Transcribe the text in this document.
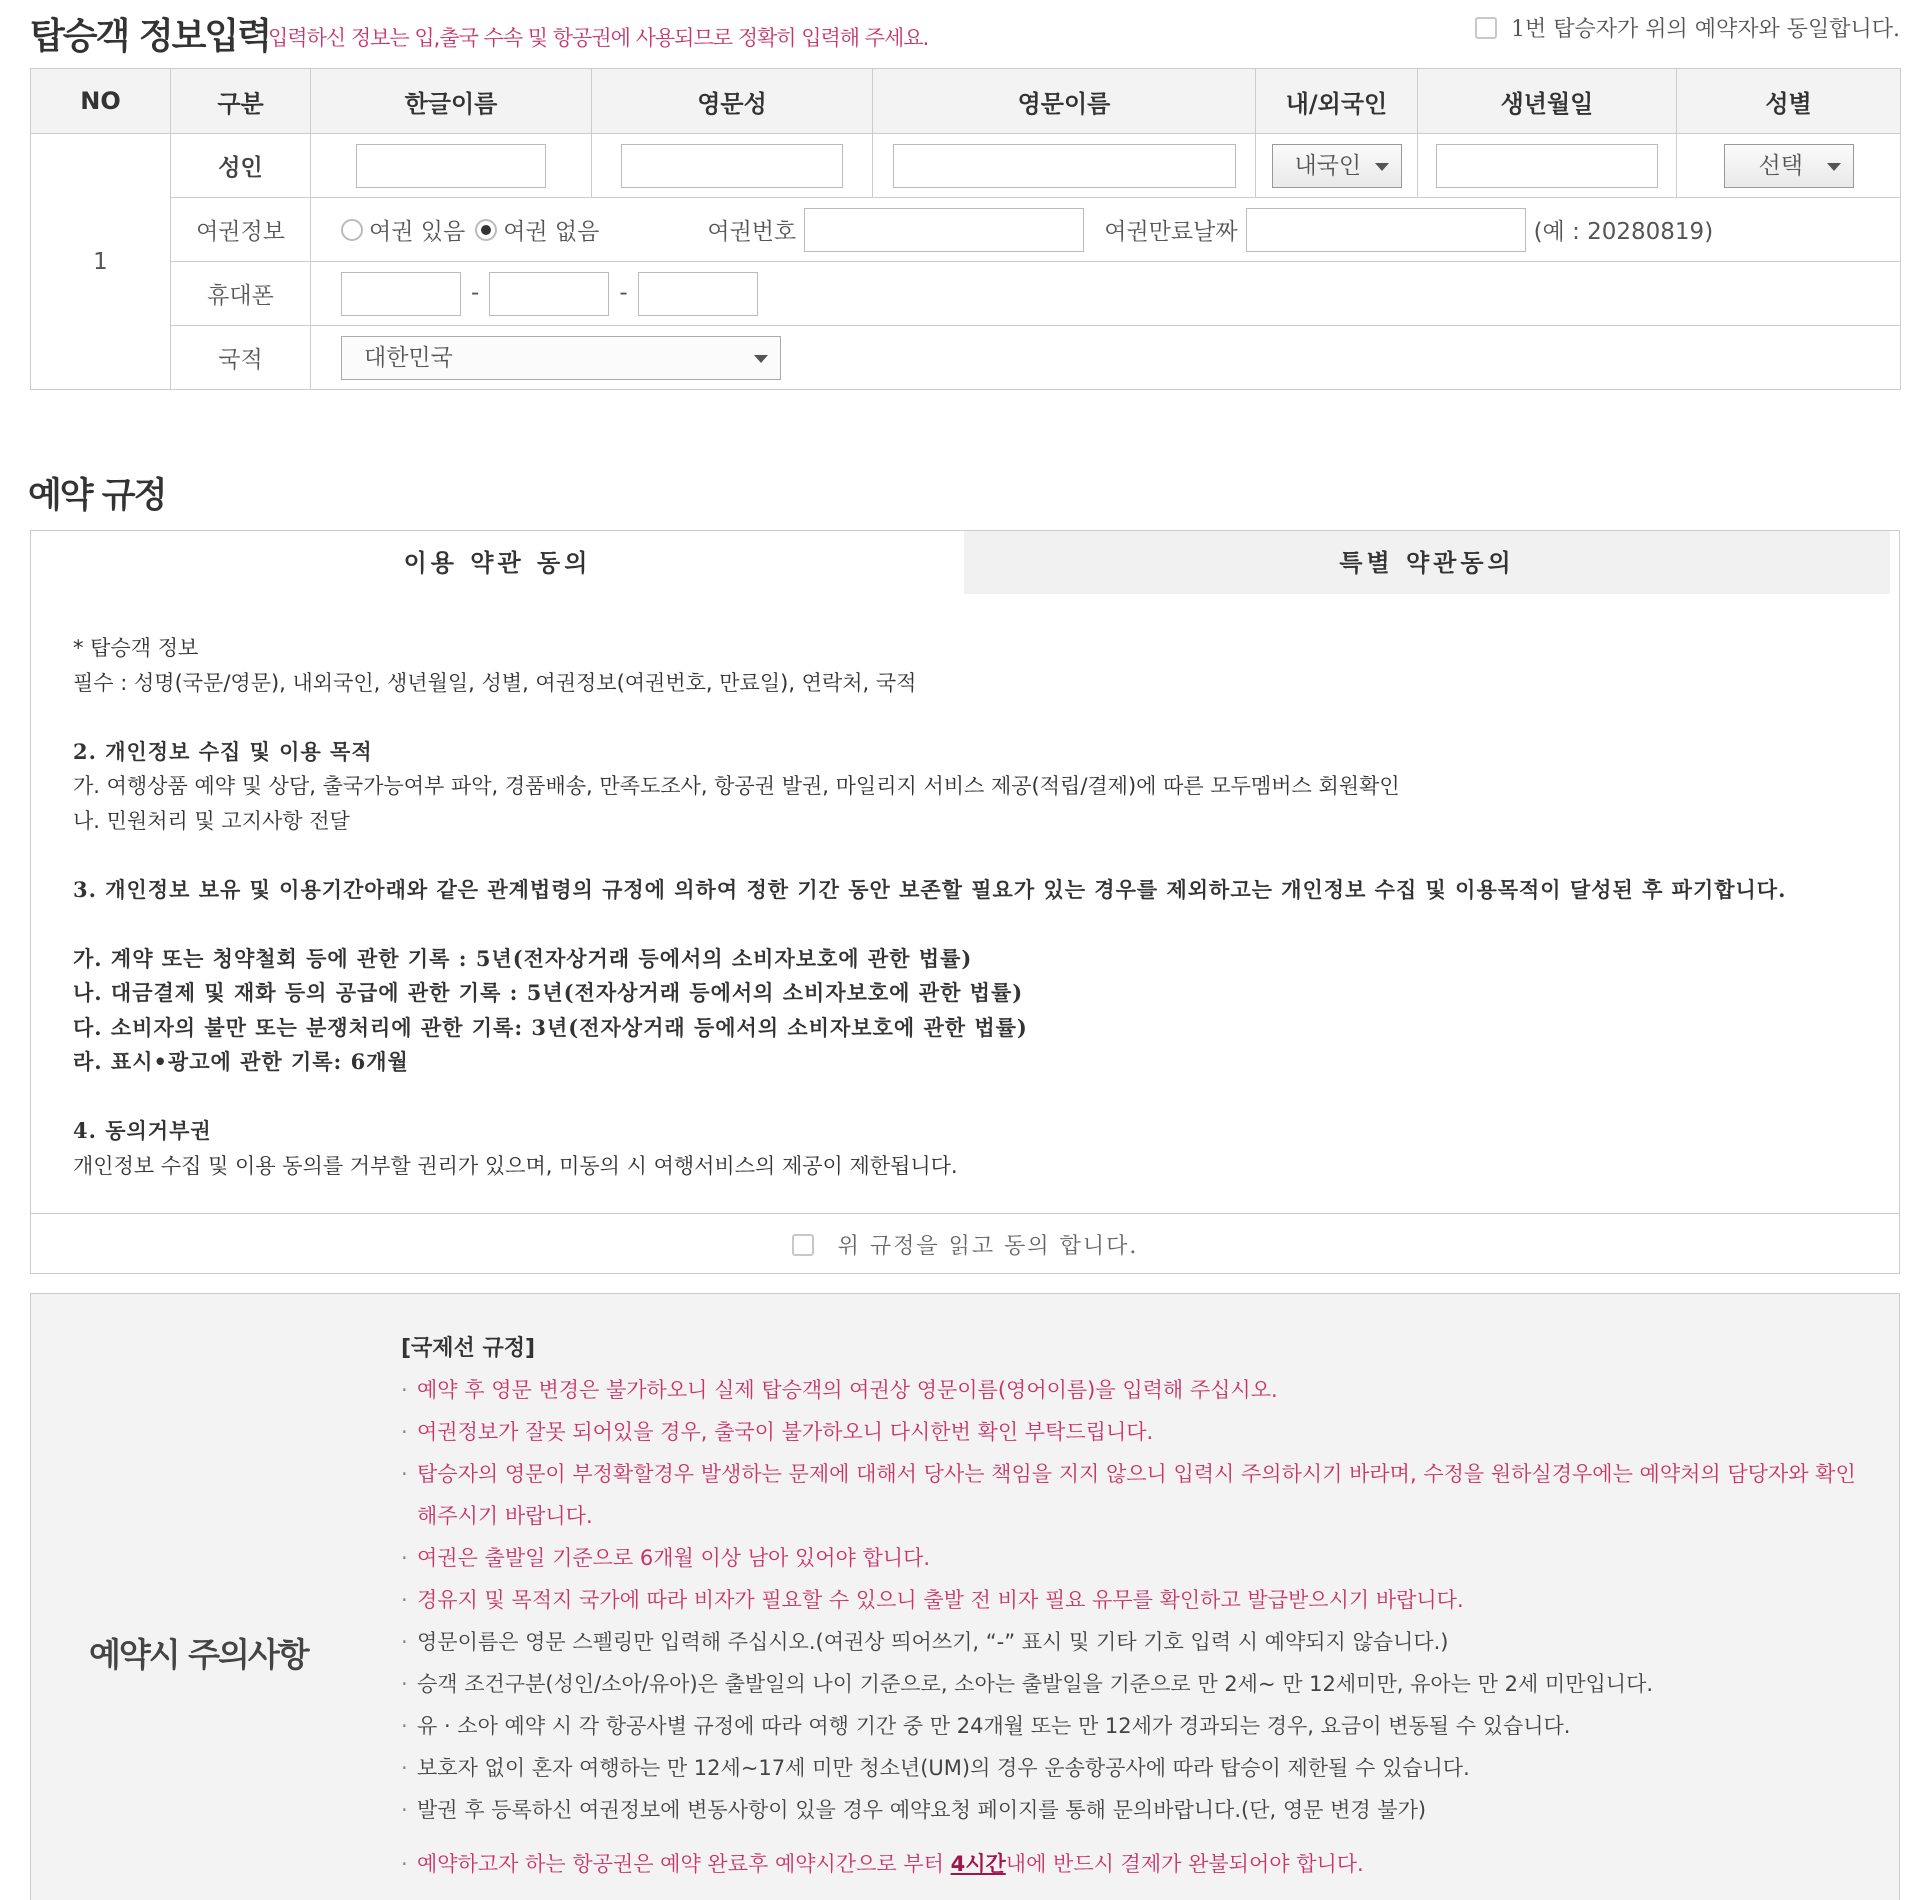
탑승객 정보입력
입력하신 정보는 입,출국 수속 및 항공권에 사용되므로 정확히 입력해 주세요.	1번 탑승자가 위의 예약자와 동일합니다.
NO	구분	한글이름	영문성	영문이름	내/외국인	생년월일	성별
1	성인				내국인		선택

	여권정보	여권 있음 여권 없음 여권번호 여권만료날짜 (예 : 20280819)					

	휴대폰	- -					
	국적	대한민국					
예약 규정
이용 약관 동의	특별 약관동의
* 탑승객 정보
필수 : 성명(국문/영문), 내외국인, 생년월일, 성별, 여권정보(여권번호, 만료일), 연락처, 국적
2. 개인정보 수집 및 이용 목적
가. 여행상품 예약 및 상담, 출국가능여부 파악, 경품배송, 만족도조사, 항공권 발권, 마일리지 서비스 제공(적립/결제)에 따른 모두멤버스 회원확인
나. 민원처리 및 고지사항 전달
3. 개인정보 보유 및 이용기간아래와 같은 관계법령의 규정에 의하여 정한 기간 동안 보존할 필요가 있는 경우를 제외하고는 개인정보 수집 및 이용목적이 달성된 후 파기합니다.
가. 계약 또는 청약철회 등에 관한 기록 : 5년(전자상거래 등에서의 소비자보호에 관한 법률)
나. 대금결제 및 재화 등의 공급에 관한 기록 : 5년(전자상거래 등에서의 소비자보호에 관한 법률)
다. 소비자의 불만 또는 분쟁처리에 관한 기록: 3년(전자상거래 등에서의 소비자보호에 관한 법률)
라. 표시•광고에 관한 기록: 6개월
4. 동의거부권
개인정보 수집 및 이용 동의를 거부할 권리가 있으며, 미동의 시 여행서비스의 제공이 제한됩니다.
위 규정을 읽고 동의 합니다.
예약시 주의사항
[국제선 규정]
· 예약 후 영문 변경은 불가하오니 실제 탑승객의 여권상 영문이름(영어이름)을 입력해 주십시오.
· 여권정보가 잘못 되어있을 경우, 출국이 불가하오니 다시한번 확인 부탁드립니다.
· 탑승자의 영문이 부정확할경우 발생하는 문제에 대해서 당사는 책임을 지지 않으니 입력시 주의하시기 바라며, 수정을 원하실경우에는 예약처의 담당자와 확인해주시기 바랍니다.
· 여권은 출발일 기준으로 6개월 이상 남아 있어야 합니다.
· 경유지 및 목적지 국가에 따라 비자가 필요할 수 있으니 출발 전 비자 필요 유무를 확인하고 발급받으시기 바랍니다.
· 영문이름은 영문 스펠링만 입력해 주십시오.(여권상 띄어쓰기, “-” 표시 및 기타 기호 입력 시 예약되지 않습니다.)
· 승객 조건구분(성인/소아/유아)은 출발일의 나이 기준으로, 소아는 출발일을 기준으로 만 2세~ 만 12세미만, 유아는 만 2세 미만입니다.
· 유 · 소아 예약 시 각 항공사별 규정에 따라 여행 기간 중 만 24개월 또는 만 12세가 경과되는 경우, 요금이 변동될 수 있습니다.
· 보호자 없이 혼자 여행하는 만 12세~17세 미만 청소년(UM)의 경우 운송항공사에 따라 탑승이 제한될 수 있습니다.
· 발권 후 등록하신 여권정보에 변동사항이 있을 경우 예약요청 페이지를 통해 문의바랍니다.(단, 영문 변경 불가)
· 예약하고자 하는 항공권은 예약 완료후 예약시간으로 부터 4시간내에 반드시 결제가 완불되어야 합니다.
